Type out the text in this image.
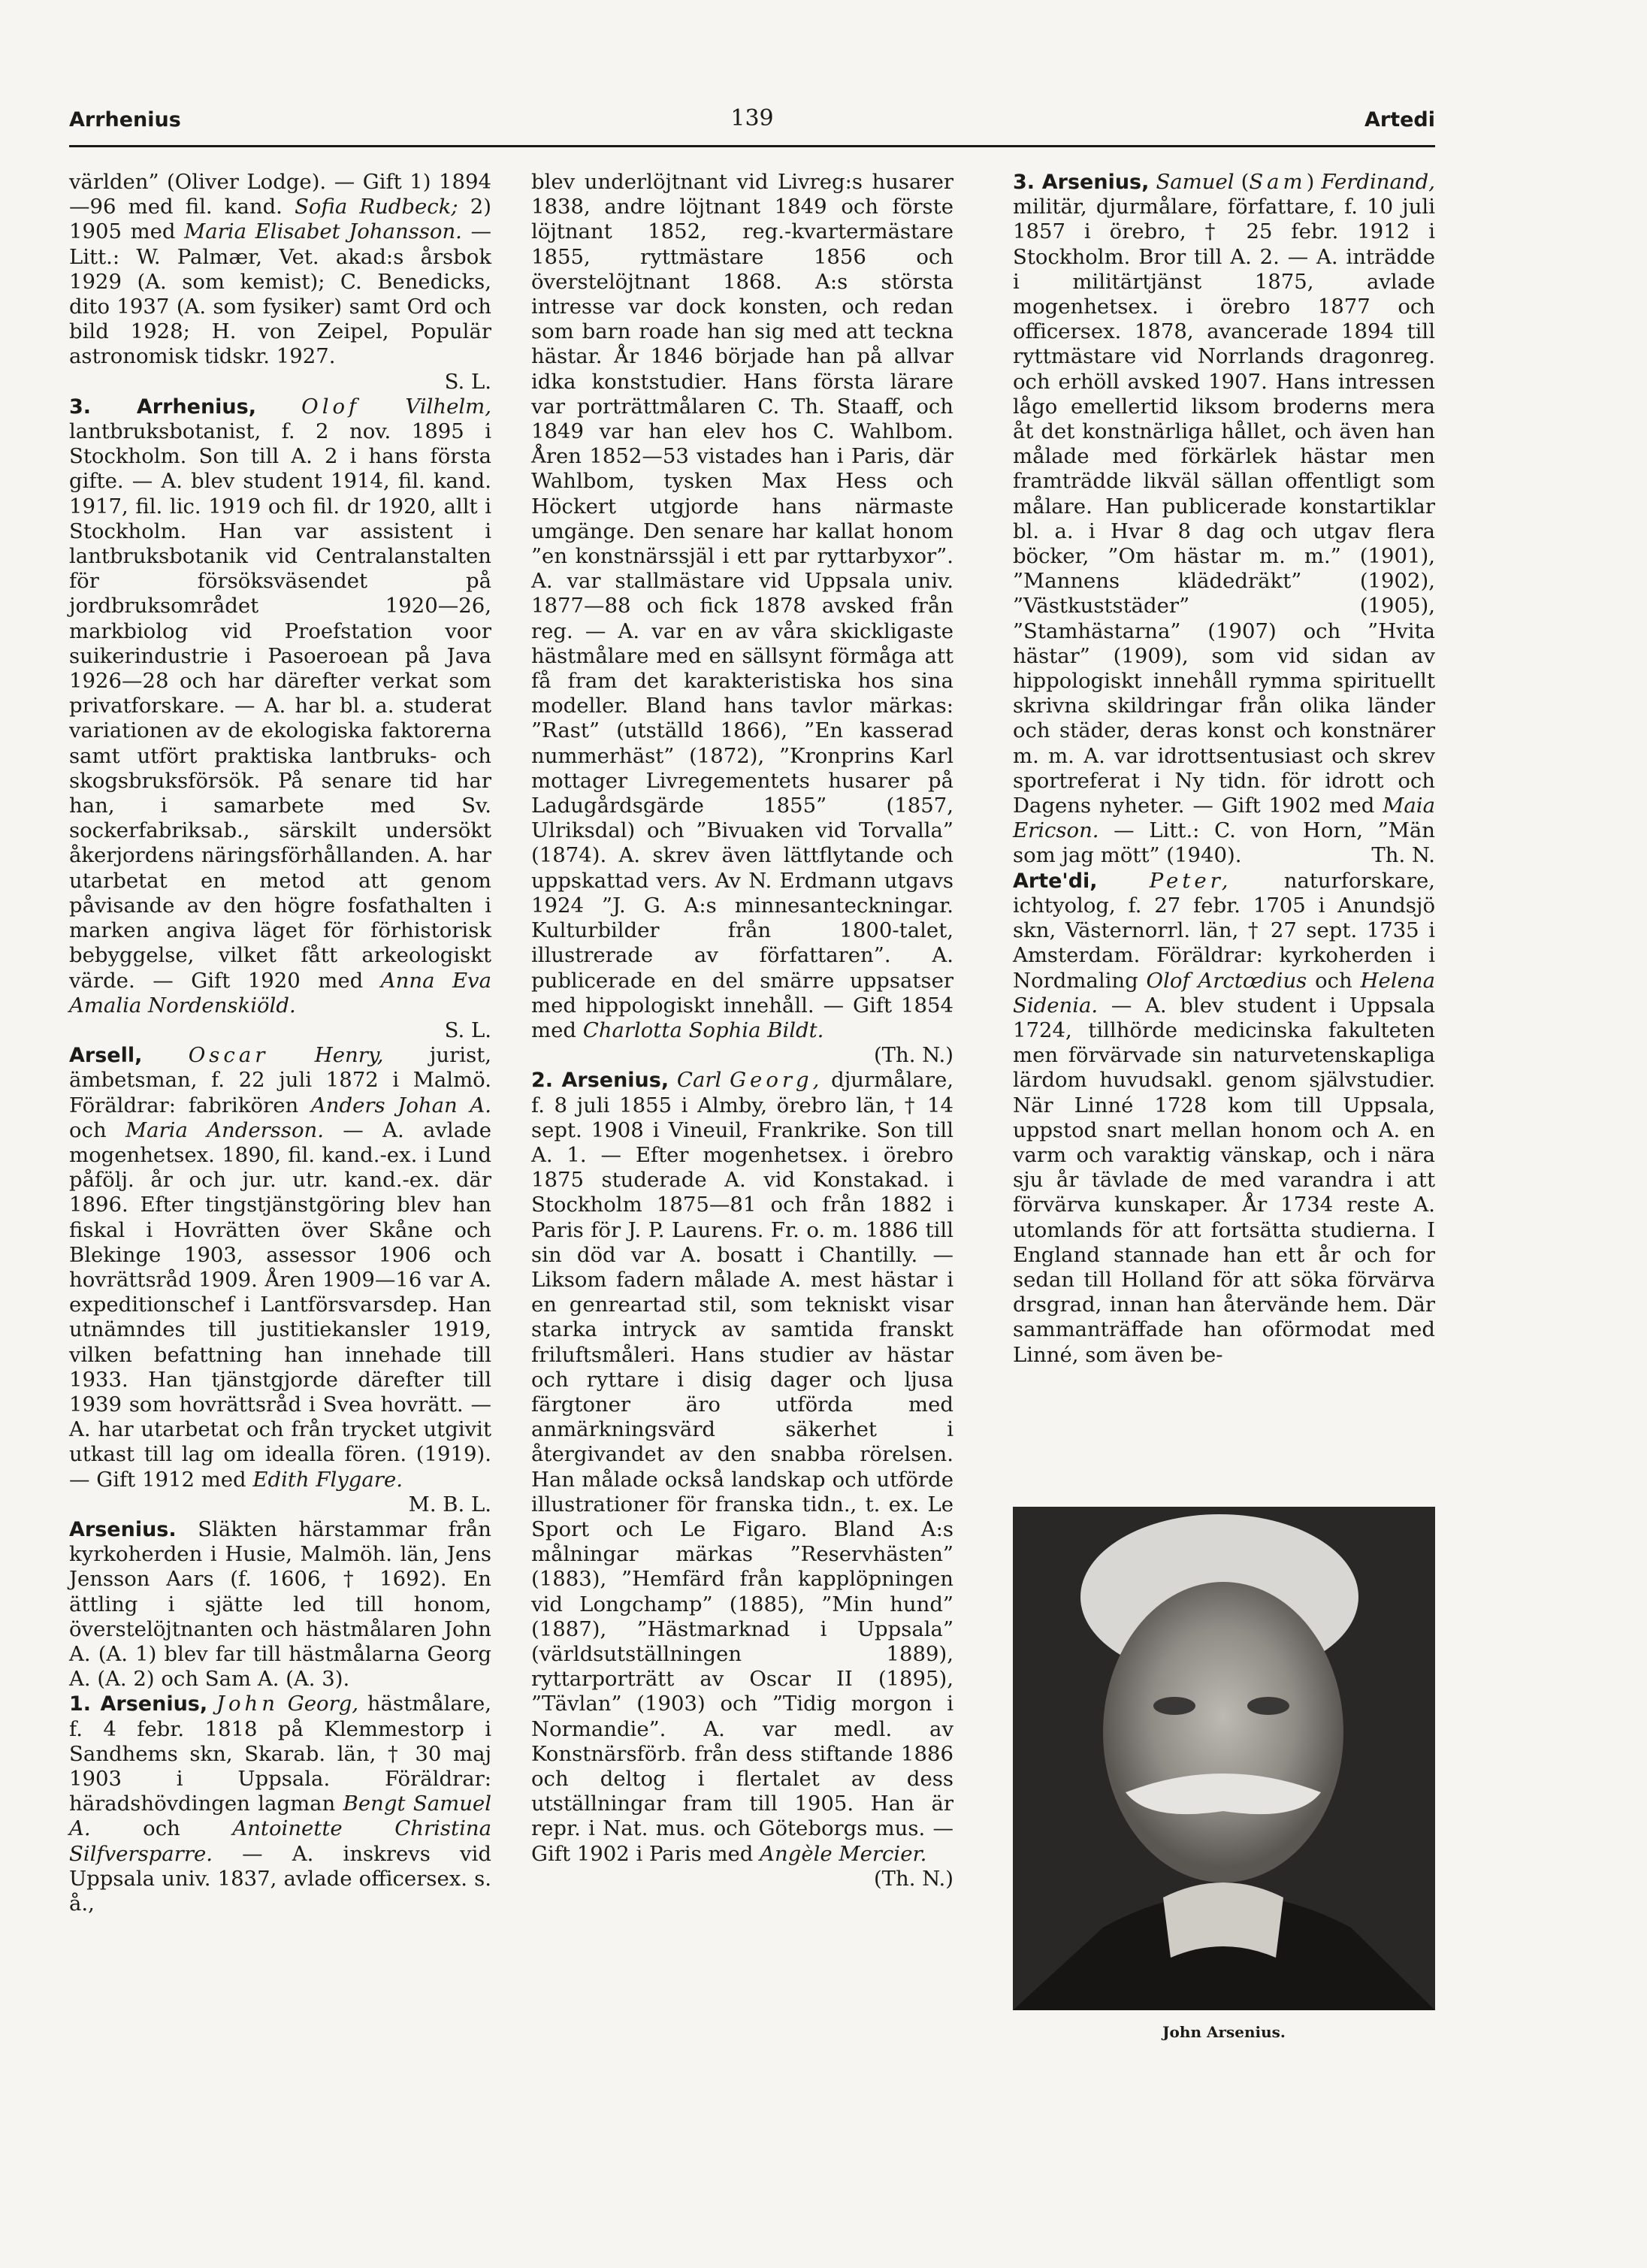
Arrhenius	139	Artedi

världen” (Oliver Lodge). — Gift 1) 1894—96 med fil. kand. Sofia Rudbeck; 2) 1905 med Maria Elisabet Johansson. — Litt.: W. Palmær, Vet. akad:s årsbok 1929 (A. som kemist); C. Benedicks, dito 1937 (A. som fysiker) samt Ord och bild 1928; H. von Zeipel, Populär astronomisk tidskr. 1927.
S. L.

3. Arrhenius, Olof Vilhelm, lantbruksbotanist, f. 2 nov. 1895 i Stockholm. Son till A. 2 i hans första gifte. — A. blev student 1914, fil. kand. 1917, fil. lic. 1919 och fil. dr 1920, allt i Stockholm. Han var assistent i lantbruksbotanik vid Centralanstalten för försöksväsendet på jordbruksområdet 1920—26, markbiolog vid Proefstation voor suikerindustrie i Pasoeroean på Java 1926—28 och har därefter verkat som privatforskare. — A. har bl. a. studerat variationen av de ekologiska faktorerna samt utfört praktiska lantbruks- och skogsbruksförsök. På senare tid har han, i samarbete med Sv. sockerfabriksab., särskilt undersökt åkerjordens näringsförhållanden. A. har utarbetat en metod att genom påvisande av den högre fosfathalten i marken angiva läget för förhistorisk bebyggelse, vilket fått arkeologiskt värde. — Gift 1920 med Anna Eva Amalia Nordenskiöld.
S. L.

Arsell, Oscar Henry, jurist, ämbetsman, f. 22 juli 1872 i Malmö. Föräldrar: fabrikören Anders Johan A. och Maria Andersson. — A. avlade mogenhetsex. 1890, fil. kand.-ex. i Lund påfölj. år och jur. utr. kand.-ex. där 1896. Efter tingstjänstgöring blev han fiskal i Hovrätten över Skåne och Blekinge 1903, assessor 1906 och hovrättsråd 1909. Åren 1909—16 var A. expeditionschef i Lantförsvarsdep. Han utnämndes till justitiekansler 1919, vilken befattning han innehade till 1933. Han tjänstgjorde därefter till 1939 som hovrättsråd i Svea hovrätt. — A. har utarbetat och från trycket utgivit utkast till lag om idealla fören. (1919). — Gift 1912 med Edith Flygare.
M. B. L.

Arsenius. Släkten härstammar från kyrkoherden i Husie, Malmöh. län, Jens Jensson Aars (f. 1606, † 1692). En ättling i sjätte led till honom, överstelöjtnanten och hästmålaren John A. (A. 1) blev far till hästmålarna Georg A. (A. 2) och Sam A. (A. 3).

1. Arsenius, John Georg, hästmålare, f. 4 febr. 1818 på Klemmestorp i Sandhems skn, Skarab. län, † 30 maj 1903 i Uppsala. Föräldrar: häradshövdingen lagman Bengt Samuel A. och Antoinette Christina Silfversparre. — A. inskrevs vid Uppsala univ. 1837, avlade officersex. s. å.,

blev underlöjtnant vid Livreg:s husarer 1838, andre löjtnant 1849 och förste löjtnant 1852, reg.-kvartermästare 1855, ryttmästare 1856 och överstelöjtnant 1868. A:s största intresse var dock konsten, och redan som barn roade han sig med att teckna hästar. År 1846 började han på allvar idka konststudier. Hans första lärare var porträttmålaren C. Th. Staaff, och 1849 var han elev hos C. Wahlbom. Åren 1852—53 vistades han i Paris, där Wahlbom, tysken Max Hess och Höckert utgjorde hans närmaste umgänge. Den senare har kallat honom ”en konstnärssjäl i ett par ryttarbyxor”. A. var stallmästare vid Uppsala univ. 1877—88 och fick 1878 avsked från reg. — A. var en av våra skickligaste hästmålare med en sällsynt förmåga att få fram det karakteristiska hos sina modeller. Bland hans tavlor märkas: ”Rast” (utställd 1866), ”En kasserad nummerhäst” (1872), ”Kronprins Karl mottager Livregementets husarer på Ladugårdsgärde 1855” (1857, Ulriksdal) och ”Bivuaken vid Torvalla” (1874). A. skrev även lättflytande och uppskattad vers. Av N. Erdmann utgavs 1924 ”J. G. A:s minnesanteckningar. Kulturbilder från 1800-talet, illustrerade av författaren”. A. publicerade en del smärre uppsatser med hippologiskt innehåll. — Gift 1854 med Charlotta Sophia Bildt.
(Th. N.)

2. Arsenius, Carl Georg, djurmålare, f. 8 juli 1855 i Almby, örebro län, † 14 sept. 1908 i Vineuil, Frankrike. Son till A. 1. — Efter mogenhetsex. i örebro 1875 studerade A. vid Konstakad. i Stockholm 1875—81 och från 1882 i Paris för J. P. Laurens. Fr. o. m. 1886 till sin död var A. bosatt i Chantilly. — Liksom fadern målade A. mest hästar i en genreartad stil, som tekniskt visar starka intryck av samtida franskt friluftsmåleri. Hans studier av hästar och ryttare i disig dager och ljusa färgtoner äro utförda med anmärkningsvärd säkerhet i återgivandet av den snabba rörelsen. Han målade också landskap och utförde illustrationer för franska tidn., t. ex. Le Sport och Le Figaro. Bland A:s målningar märkas ”Reservhästen” (1883), ”Hemfärd från kapplöpningen vid Longchamp” (1885), ”Min hund” (1887), ”Hästmarknad i Uppsala” (världsutställningen 1889), ryttarporträtt av Oscar II (1895), ”Tävlan” (1903) och ”Tidig morgon i Normandie”. A. var medl. av Konstnärsförb. från dess stiftande 1886 och deltog i flertalet av dess utställningar fram till 1905. Han är repr. i Nat. mus. och Göteborgs mus. — Gift 1902 i Paris med Angèle Mercier.
(Th. N.)

3. Arsenius, Samuel (Sam) Ferdinand, militär, djurmålare, författare, f. 10 juli 1857 i örebro, † 25 febr. 1912 i Stockholm. Bror till A. 2. — A. inträdde i militärtjänst 1875, avlade mogenhetsex. i örebro 1877 och officersex. 1878, avancerade 1894 till ryttmästare vid Norrlands dragonreg. och erhöll avsked 1907. Hans intressen lågo emellertid liksom broderns mera åt det konstnärliga hållet, och även han målade med förkärlek hästar men framträdde likväl sällan offentligt som målare. Han publicerade konstartiklar bl. a. i Hvar 8 dag och utgav flera böcker, ”Om hästar m. m.” (1901), ”Mannens klädedräkt” (1902), ”Västkuststäder” (1905), ”Stamhästarna” (1907) och ”Hvita hästar” (1909), som vid sidan av hippologiskt innehåll rymma spirituellt skrivna skildringar från olika länder och städer, deras konst och konstnärer m. m. A. var idrottsentusiast och skrev sportreferat i Ny tidn. för idrott och Dagens nyheter. — Gift 1902 med Maia Ericson. — Litt.: C. von Horn, ”Män som jag mött” (1940).	Th. N.

Arte'di,	Peter, naturforskare, ichtyolog, f. 27 febr. 1705 i Anundsjö skn, Västernorrl. län, † 27 sept. 1735 i Amsterdam. Föräldrar: kyrkoherden i Nordmaling Olof Arctœdius och Helena Sidenia. — A. blev student i Uppsala 1724, tillhörde medicinska fakulteten men förvärvade sin naturvetenskapliga lärdom huvudsakl. genom självstudier. När Linné 1728 kom till Uppsala, uppstod snart mellan honom och A. en varm och varaktig vänskap, och i nära sju år tävlade de med varandra i att förvärva kunskaper. År 1734 reste A. utomlands för att fortsätta studierna. I England stannade han ett år och for sedan till Holland för att söka förvärva drsgrad, innan han återvände hem. Där sammanträffade han oförmodat med Linné, som även be-

John Arsenius.
